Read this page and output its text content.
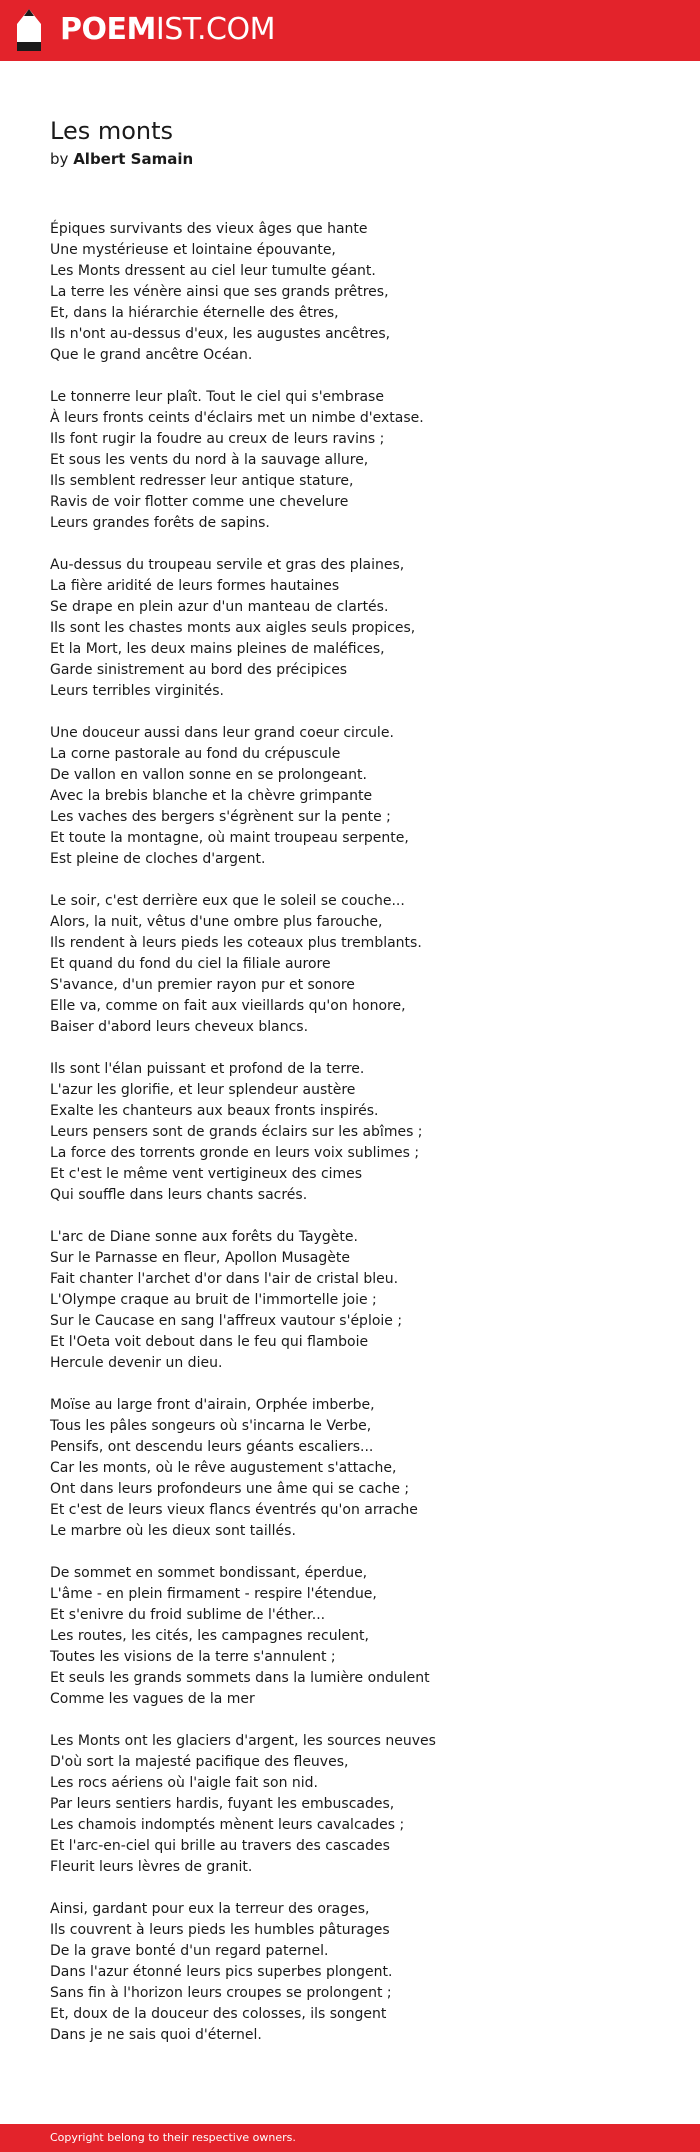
POEMIST.COM
Les monts
by Albert Samain
Épiques survivants des vieux âges que hante
Une mystérieuse et lointaine épouvante,
Les Monts dressent au ciel leur tumulte géant.
La terre les vénère ainsi que ses grands prêtres,
Et, dans la hiérarchie éternelle des êtres,
Ils n'ont au-dessus d'eux, les augustes ancêtres,
Que le grand ancêtre Océan.
Le tonnerre leur plaît. Tout le ciel qui s'embrase
À leurs fronts ceints d'éclairs met un nimbe d'extase.
Ils font rugir la foudre au creux de leurs ravins ;
Et sous les vents du nord à la sauvage allure,
Ils semblent redresser leur antique stature,
Ravis de voir flotter comme une chevelure
Leurs grandes forêts de sapins.
Au-dessus du troupeau servile et gras des plaines,
La fière aridité de leurs formes hautaines
Se drape en plein azur d'un manteau de clartés.
Ils sont les chastes monts aux aigles seuls propices,
Et la Mort, les deux mains pleines de maléfices,
Garde sinistrement au bord des précipices
Leurs terribles virginités.
Une douceur aussi dans leur grand coeur circule.
La corne pastorale au fond du crépuscule
De vallon en vallon sonne en se prolongeant.
Avec la brebis blanche et la chèvre grimpante
Les vaches des bergers s'égrènent sur la pente ;
Et toute la montagne, où maint troupeau serpente,
Est pleine de cloches d'argent.
Le soir, c'est derrière eux que le soleil se couche...
Alors, la nuit, vêtus d'une ombre plus farouche,
Ils rendent à leurs pieds les coteaux plus tremblants.
Et quand du fond du ciel la filiale aurore
S'avance, d'un premier rayon pur et sonore
Elle va, comme on fait aux vieillards qu'on honore,
Baiser d'abord leurs cheveux blancs.
Ils sont l'élan puissant et profond de la terre.
L'azur les glorifie, et leur splendeur austère
Exalte les chanteurs aux beaux fronts inspirés.
Leurs pensers sont de grands éclairs sur les abîmes ;
La force des torrents gronde en leurs voix sublimes ;
Et c'est le même vent vertigineux des cimes
Qui souffle dans leurs chants sacrés.
L'arc de Diane sonne aux forêts du Taygète.
Sur le Parnasse en fleur, Apollon Musagète
Fait chanter l'archet d'or dans l'air de cristal bleu.
L'Olympe craque au bruit de l'immortelle joie ;
Sur le Caucase en sang l'affreux vautour s'éploie ;
Et l'Oeta voit debout dans le feu qui flamboie
Hercule devenir un dieu.
Moïse au large front d'airain, Orphée imberbe,
Tous les pâles songeurs où s'incarna le Verbe,
Pensifs, ont descendu leurs géants escaliers...
Car les monts, où le rêve augustement s'attache,
Ont dans leurs profondeurs une âme qui se cache ;
Et c'est de leurs vieux flancs éventrés qu'on arrache
Le marbre où les dieux sont taillés.
De sommet en sommet bondissant, éperdue,
L'âme - en plein firmament - respire l'étendue,
Et s'enivre du froid sublime de l'éther...
Les routes, les cités, les campagnes reculent,
Toutes les visions de la terre s'annulent ;
Et seuls les grands sommets dans la lumière ondulent
Comme les vagues de la mer
Les Monts ont les glaciers d'argent, les sources neuves
D'où sort la majesté pacifique des fleuves,
Les rocs aériens où l'aigle fait son nid.
Par leurs sentiers hardis, fuyant les embuscades,
Les chamois indomptés mènent leurs cavalcades ;
Et l'arc-en-ciel qui brille au travers des cascades
Fleurit leurs lèvres de granit.
Ainsi, gardant pour eux la terreur des orages,
Ils couvrent à leurs pieds les humbles pâturages
De la grave bonté d'un regard paternel.
Dans l'azur étonné leurs pics superbes plongent.
Sans fin à l'horizon leurs croupes se prolongent ;
Et, doux de la douceur des colosses, ils songent
Dans je ne sais quoi d'éternel.
Copyright belong to their respective owners.
